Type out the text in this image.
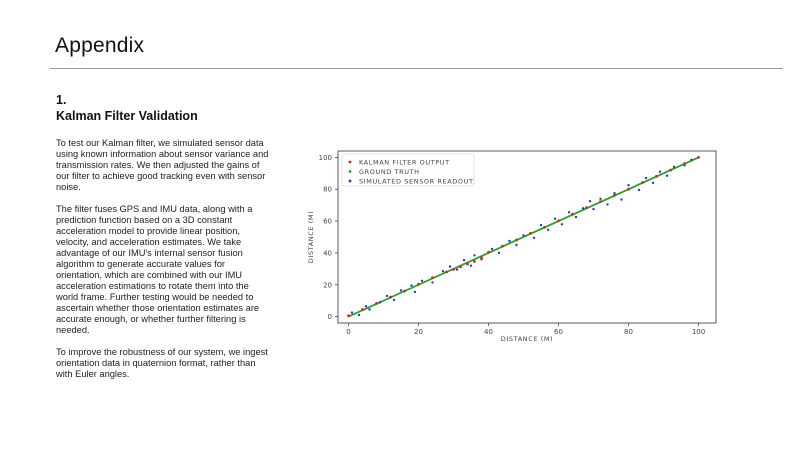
Appendix
1.
Kalman Filter Validation

To test our Kalman filter, we simulated sensor data using known information about sensor variance and transmission rates. We then adjusted the gains of our filter to achieve good tracking even with sensor noise.

The filter fuses GPS and IMU data, along with a prediction function based on a 3D constant acceleration model to provide linear position, velocity, and acceleration estimates. We take advantage of our IMU's internal sensor fusion algorithm to generate accurate values for orientation, which are combined with our IMU acceleration estimations to rotate them into the world frame. Further testing would be needed to ascertain whether those orientation estimates are accurate enough, or whether further filtering is needed.

To improve the robustness of our system, we ingest orientation data in quaternion format, rather than with Euler angles.

0	20	40	60	80	100
0
20
40
60
80
100
DISTANCE (M)
DISTANCE (M)
KALMAN FILTER OUTPUT
GROUND TRUTH
SIMULATED SENSOR READOUT
